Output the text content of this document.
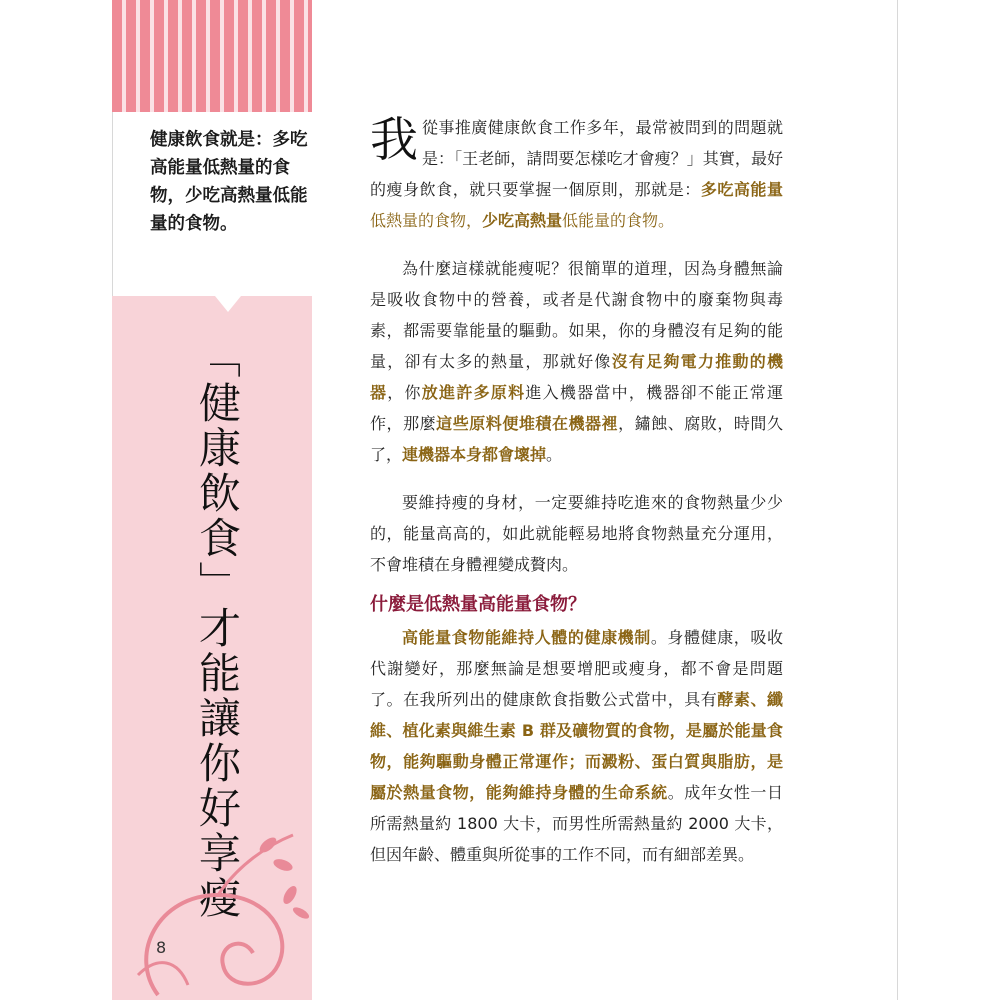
健康飲食就是：多吃高能量低熱量的食物，少吃高熱量低能量的食物。
「健康飲食」才能讓你好享瘦
8

我從事推廣健康飲食工作多年，最常被問到的問題就是：「王老師，請問要怎樣吃才會瘦？」其實，最好的瘦身飲食，就只要掌握一個原則，那就是：多吃高能量低熱量的食物，少吃高熱量低能量的食物。

為什麼這樣就能瘦呢？很簡單的道理，因為身體無論是吸收食物中的營養，或者是代謝食物中的廢棄物與毒素，都需要靠能量的驅動。如果，你的身體沒有足夠的能量，卻有太多的熱量，那就好像沒有足夠電力推動的機器，你放進許多原料進入機器當中，機器卻不能正常運作，那麼這些原料便堆積在機器裡，鏽蝕、腐敗，時間久了，連機器本身都會壞掉。

要維持瘦的身材，一定要維持吃進來的食物熱量少少的，能量高高的，如此就能輕易地將食物熱量充分運用，不會堆積在身體裡變成贅肉。

什麼是低熱量高能量食物？

高能量食物能維持人體的健康機制。身體健康，吸收代謝變好，那麼無論是想要增肥或瘦身，都不會是問題了。在我所列出的健康飲食指數公式當中，具有酵素、纖維、植化素與維生素 B 群及礦物質的食物，是屬於能量食物，能夠驅動身體正常運作；而澱粉、蛋白質與脂肪，是屬於熱量食物，能夠維持身體的生命系統。成年女性一日所需熱量約 1800 大卡，而男性所需熱量約 2000 大卡，但因年齡、體重與所從事的工作不同，而有細部差異。
